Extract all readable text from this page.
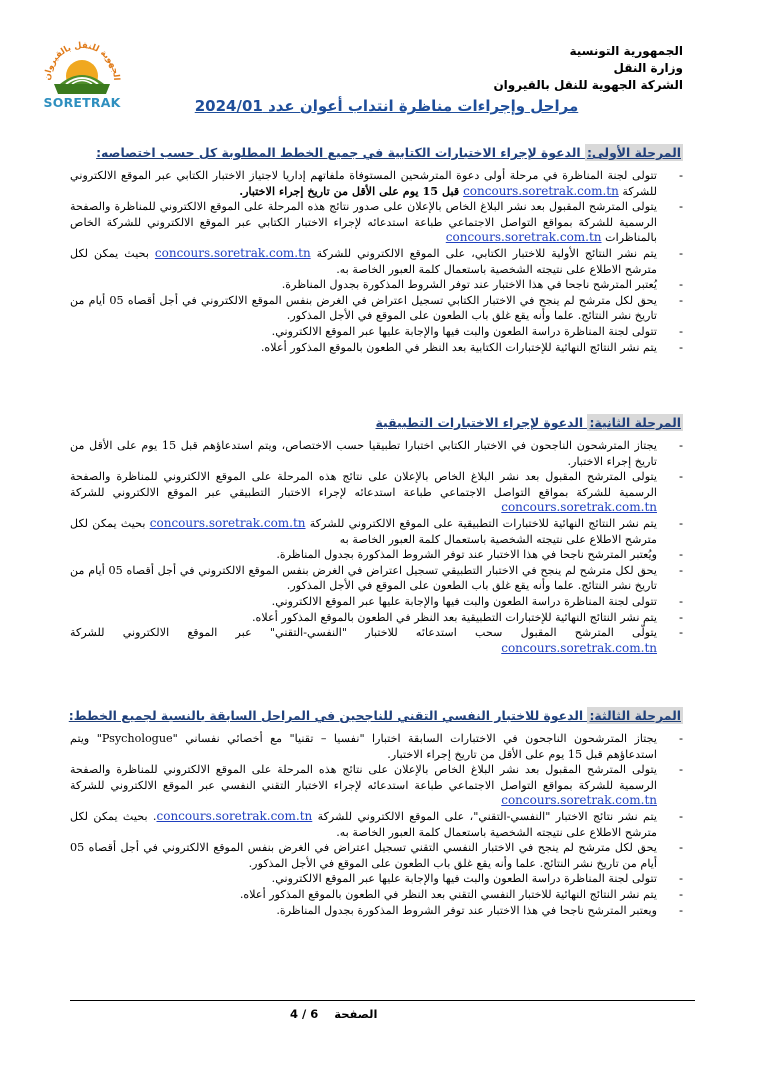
الجهوية للنقل بالقيروان
SORETRAK
الجمهورية التونسية
وزارة النقل
الشركة الجهوية للنقل بالقيروان
مراحل وإجراءات مناظرة انتداب أعوان عدد 2024/01
المرحلة الأولى: الدعوة لإجراء الاختبارات الكتابية في جميع الخطط المطلوبة كل حسب اختصاصه:
- تتولى لجنة المناظرة في مرحلة أولى دعوة المترشحين المستوفاة ملفاتهم إداريا لاجتياز الاختبار الكتابي عبر الموقع الالكتروني للشركة concours.soretrak.com.tn قبل 15 يوم على الأقل من تاريخ إجراء الاختبار.
- يتولى المترشح المقبول بعد نشر البلاغ الخاص بالإعلان على صدور نتائج هذه المرحلة على الموقع الالكتروني للمناظرة والصفحة الرسمية للشركة بمواقع التواصل الاجتماعي طباعة استدعائه لإجراء الاختبار الكتابي عبر الموقع الالكتروني للشركة الخاص بالمناظرات concours.soretrak.com.tn
- يتم نشر النتائج الأولية للاختبار الكتابي، على الموقع الالكتروني للشركة concours.soretrak.com.tn بحيث يمكن لكل مترشح الاطلاع على نتيجته الشخصية باستعمال كلمة العبور الخاصة به.
- يُعتبر المترشح ناجحا في هذا الاختبار عند توفر الشروط المذكورة بجدول المناظرة.
- يحق لكل مترشح لم ينجح في الاختبار الكتابي تسجيل اعتراض في الغرض بنفس الموقع الالكتروني في أجل أقصاه 05 أيام من تاريخ نشر النتائج. علما وأنه يقع غلق باب الطعون على الموقع في الأجل المذكور.
- تتولى لجنة المناظرة دراسة الطعون والبت فيها والإجابة عليها عبر الموقع الالكتروني.
- يتم نشر النتائج النهائية للإختبارات الكتابية بعد النظر في الطعون بالموقع المذكور أعلاه.
المرحلة الثانية: الدعوة لإجراء الاختبارات التطبيقية
- يجتاز المترشحون الناجحون في الاختبار الكتابي اختبارا تطبيقيا حسب الاختصاص، ويتم استدعاؤهم قبل 15 يوم على الأقل من تاريخ إجراء الاختبار.
- يتولى المترشح المقبول بعد نشر البلاغ الخاص بالإعلان على نتائج هذه المرحلة على الموقع الالكتروني للمناظرة والصفحة الرسمية للشركة بمواقع التواصل الاجتماعي طباعة استدعائه لإجراء الاختبار التطبيقي عبر الموقع الالكتروني للشركة concours.soretrak.com.tn
- يتم نشر النتائج النهائية للاختبارات التطبيقية على الموقع الالكتروني للشركة concours.soretrak.com.tn بحيث يمكن لكل مترشح الاطلاع على نتيجته الشخصية باستعمال كلمة العبور الخاصة به
- ويُعتبر المترشح ناجحا في هذا الاختبار عند توفر الشروط المذكورة بجدول المناظرة.
- يحق لكل مترشح لم ينجح في الاختبار التطبيقي تسجيل اعتراض في الغرض بنفس الموقع الالكتروني في أجل أقصاه 05 أيام من تاريخ نشر النتائج. علما وأنه يقع غلق باب الطعون على الموقع في الأجل المذكور.
- تتولى لجنة المناظرة دراسة الطعون والبت فيها والإجابة عليها عبر الموقع الالكتروني.
- يتم نشر النتائج النهائية للإختبارات التطبيقية بعد النظر في الطعون بالموقع المذكور أعلاه.
- يتولّى المترشح المقبول سحب استدعائه للاختبار "النفسي-التقني" عبر الموقع الالكتروني للشركة concours.soretrak.com.tn
المرحلة الثالثة: الدعوة للاختبار النفسي التقني للناجحين في المراحل السابقة بالنسبة لجميع الخطط:
- يجتاز المترشحون الناجحون في الاختبارات السابقة اختبارا "نفسيا – تقنيا" مع أخصائي نفساني "Psychologue" ويتم استدعاؤهم قبل 15 يوم على الأقل من تاريخ إجراء الاختبار.
- يتولى المترشح المقبول بعد نشر البلاغ الخاص بالإعلان على نتائج هذه المرحلة على الموقع الالكتروني للمناظرة والصفحة الرسمية للشركة بمواقع التواصل الاجتماعي طباعة استدعائه لإجراء الاختبار التقني النفسي عبر الموقع الالكتروني للشركة concours.soretrak.com.tn
- يتم نشر نتائج الاختبار "النفسي-التقني"، على الموقع الالكتروني للشركة concours.soretrak.com.tn. بحيث يمكن لكل مترشح الاطلاع على نتيجته الشخصية باستعمال كلمة العبور الخاصة به.
- يحق لكل مترشح لم ينجح في الاختبار النفسي التقني تسجيل اعتراض في الغرض بنفس الموقع الالكتروني في أجل أقصاه 05 أيام من تاريخ نشر النتائج. علما وأنه يقع غلق باب الطعون على الموقع في الأجل المذكور.
- تتولى لجنة المناظرة دراسة الطعون والبت فيها والإجابة عليها عبر الموقع الالكتروني.
- يتم نشر النتائج النهائية للاختبار النفسي التقني بعد النظر في الطعون بالموقع المذكور أعلاه.
- ويعتبر المترشح ناجحا في هذا الاختبار عند توفر الشروط المذكورة بجدول المناظرة.
الصفحة    4 / 6
